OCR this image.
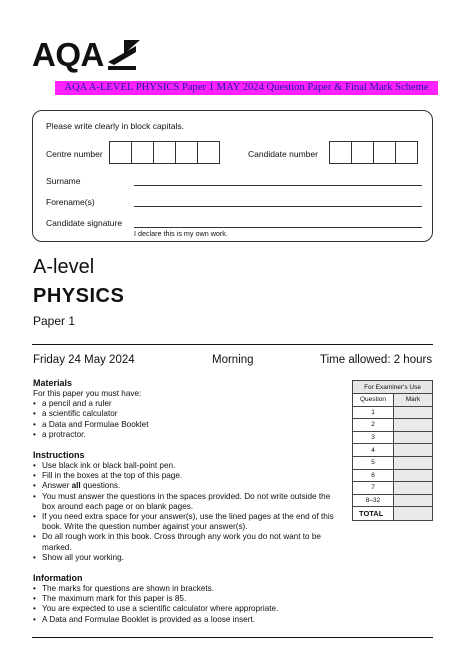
AQA
AQA A-LEVEL PHYSICS Paper 1 MAY 2024 Question Paper & Final Mark Scheme
Please write clearly in block capitals.
Centre number	Candidate number
Surname
Forename(s)
Candidate signature
I declare this is my own work.
A-level
PHYSICS
Paper 1
Friday 24 May 2024	Morning	Time allowed: 2 hours
Materials
For this paper you must have:
• a pencil and a ruler
• a scientific calculator
• a Data and Formulae Booklet
• a protractor.
Instructions
• Use black ink or black ball-point pen.
• Fill in the boxes at the top of this page.
• Answer all questions.
• You must answer the questions in the spaces provided. Do not write outside the box around each page or on blank pages.
• If you need extra space for your answer(s), use the lined pages at the end of this book. Write the question number against your answer(s).
• Do all rough work in this book. Cross through any work you do not want to be marked.
• Show all your working.
Information
• The marks for questions are shown in brackets.
• The maximum mark for this paper is 85.
• You are expected to use a scientific calculator where appropriate.
• A Data and Formulae Booklet is provided as a loose insert.
For Examiner's Use	
Question	Mark
1	
2	
3	
4	
5	
6	
7	
8–32	
TOTAL	
